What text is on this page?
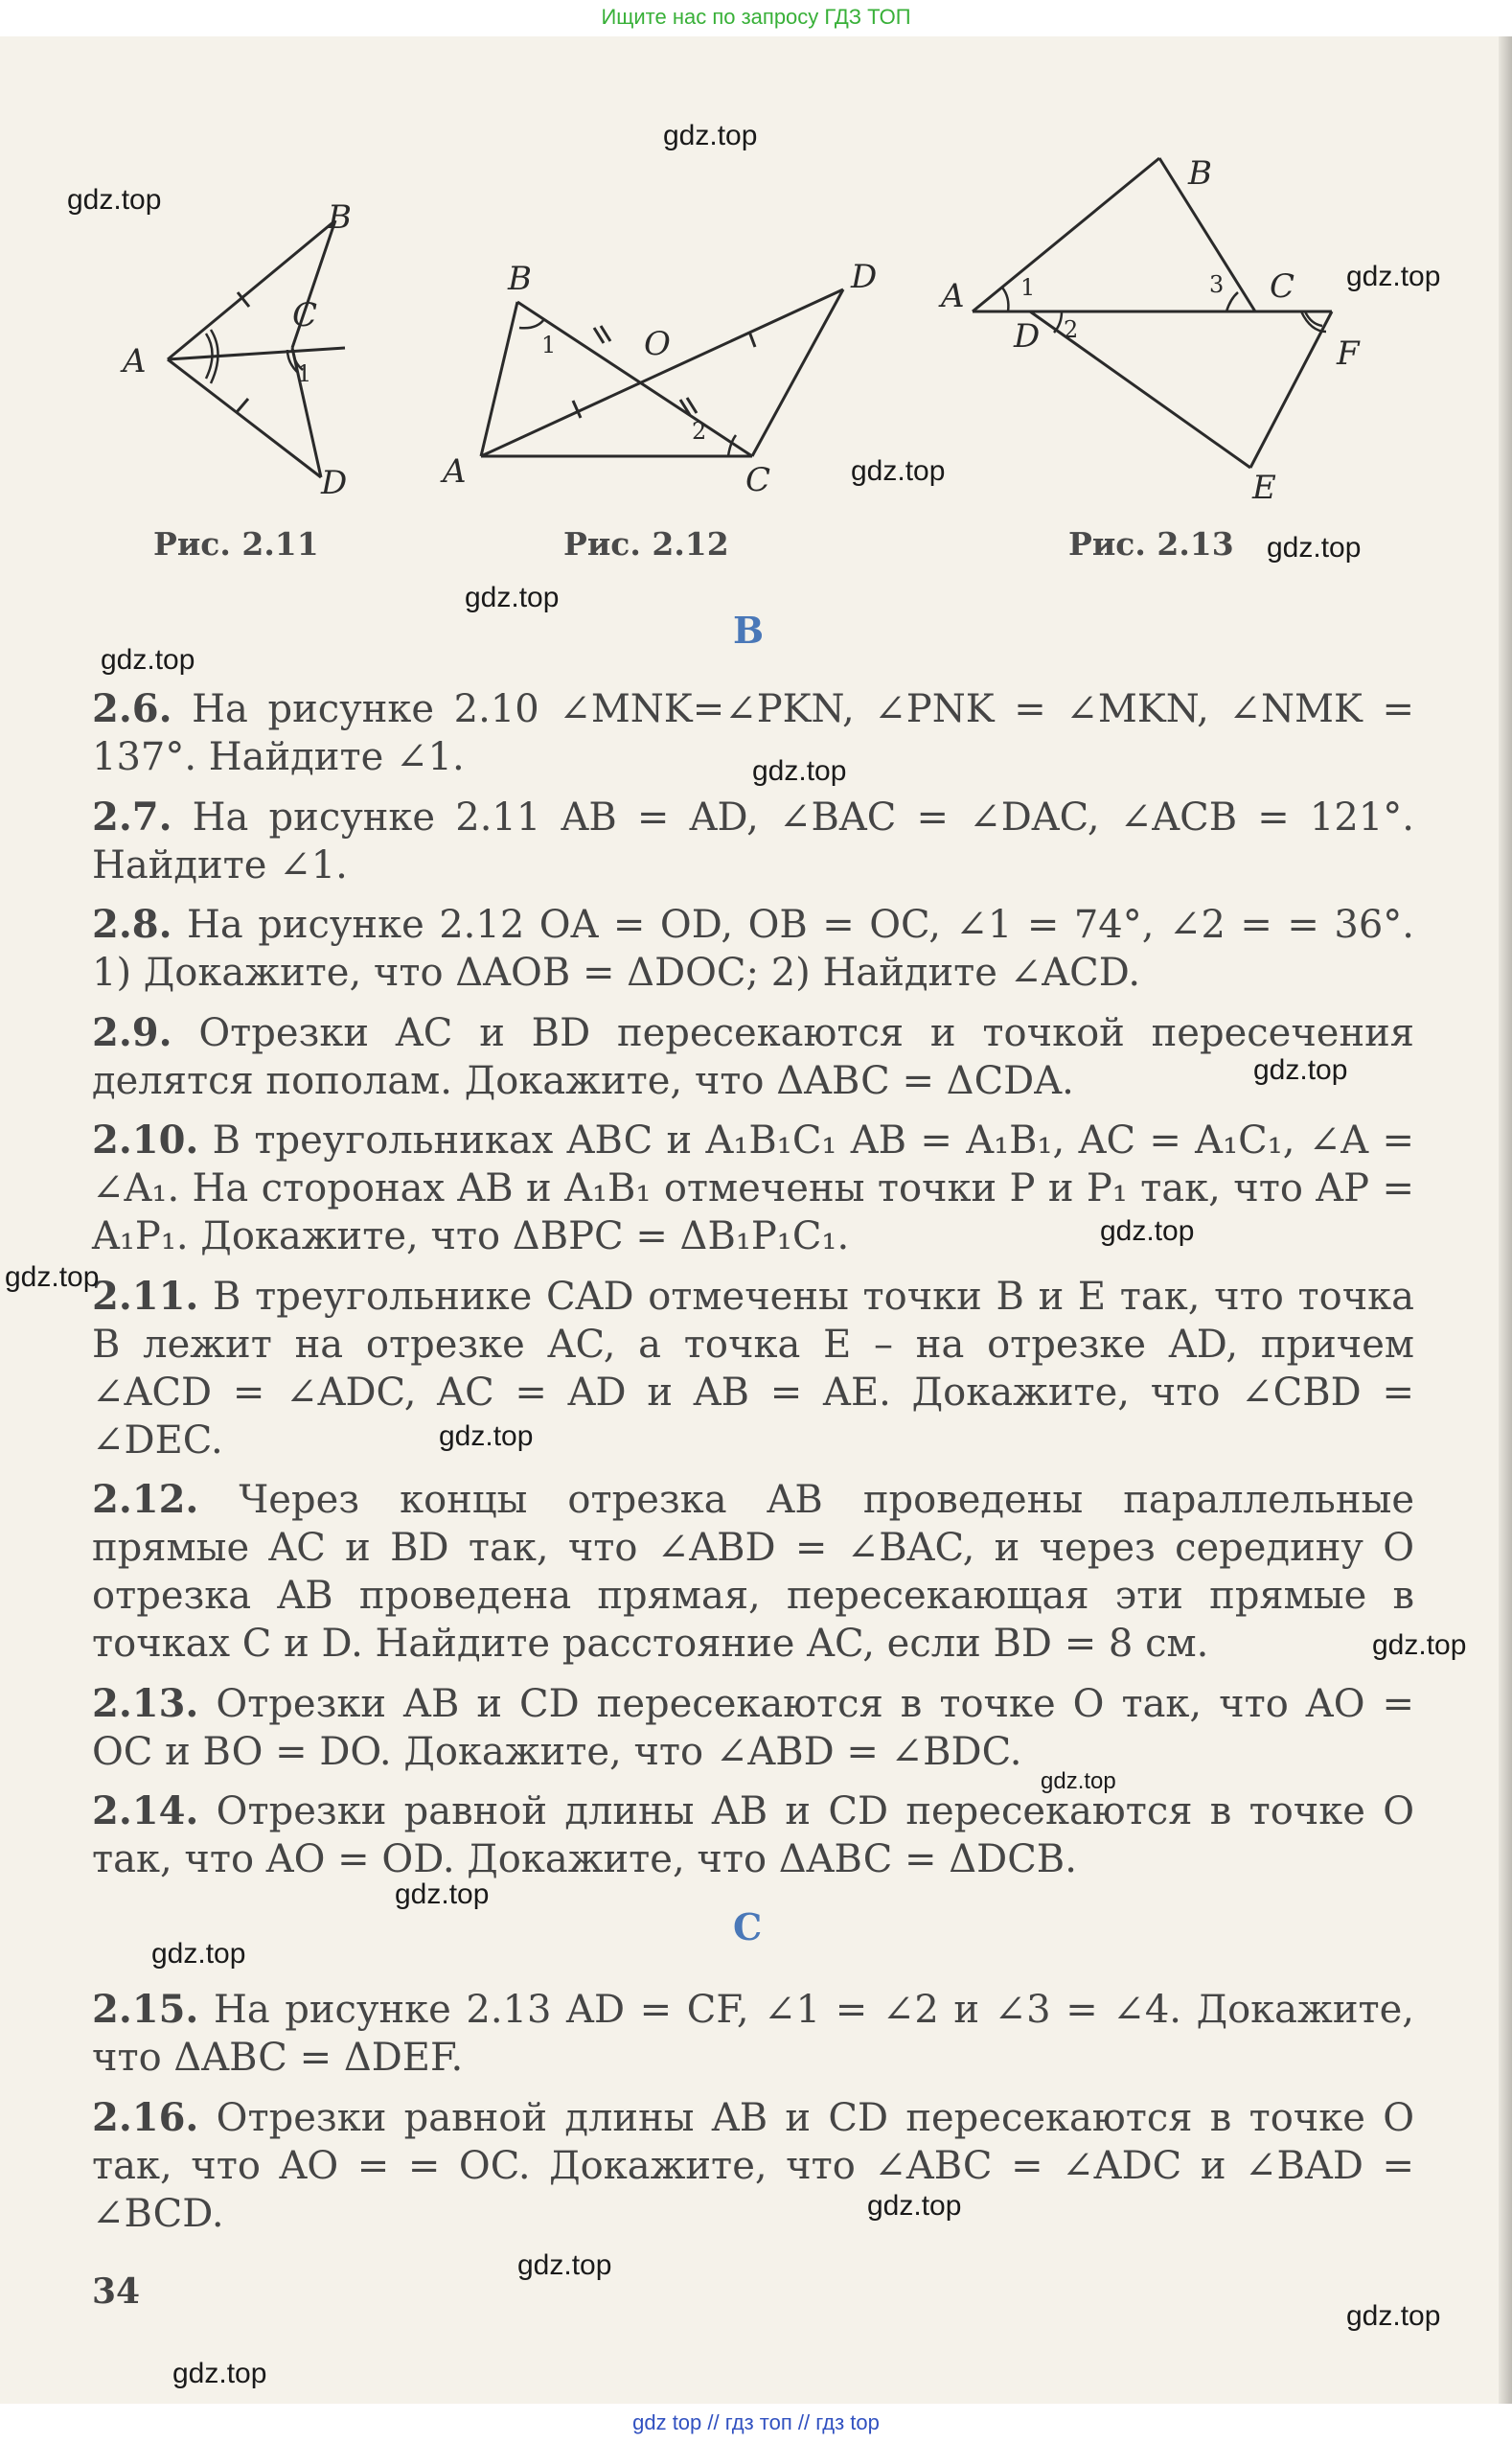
Ищите нас по запросу ГДЗ ТОП
A
B
C
D
1
Рис. 2.11
A
B
C
D
O
1
2
Рис. 2.12
A
B
C
D
E
F
1
2
3
Рис. 2.13
B
2.6. На рисунке 2.10 ∠MNK=∠PKN, ∠PNK = ∠MKN, ∠NMK = 137°. Найдите ∠1.
2.7. На рисунке 2.11 AB = AD, ∠BAC = ∠DAC, ∠ACB = 121°. Найдите ∠1.
2.8. На рисунке 2.12 OA = OD, OB = OC, ∠1 = 74°, ∠2 = = 36°. 1) Докажите, что ΔAOB = ΔDOC; 2) Найдите ∠ACD.
2.9. Отрезки AC и BD пересекаются и точкой пересечения делятся пополам. Докажите, что ΔABC = ΔCDA.
2.10. В треугольниках ABC и A₁B₁C₁ AB = A₁B₁, AC = A₁C₁, ∠A = ∠A₁. На сторонах AB и A₁B₁ отмечены точки P и P₁ так, что AP = A₁P₁. Докажите, что ΔBPC = ΔB₁P₁C₁.
2.11. В треугольнике CAD отмечены точки B и E так, что точка B лежит на отрезке AC, а точка E – на отрезке AD, причем ∠ACD = ∠ADC, AC = AD и AB = AE. Докажите, что ∠CBD = ∠DEC.
2.12. Через концы отрезка AB проведены параллельные прямые AC и BD так, что ∠ABD = ∠BAC, и через середину O отрезка AB проведена прямая, пересекающая эти прямые в точках C и D. Найдите расстояние AC, если BD = 8 см.
2.13. Отрезки AB и CD пересекаются в точке O так, что AO = OC и BO = DO. Докажите, что ∠ABD = ∠BDC.
2.14. Отрезки равной длины AB и CD пересекаются в точке O так, что AO = OD. Докажите, что ΔABC = ΔDCB.
C
2.15. На рисунке 2.13 AD = CF, ∠1 = ∠2 и ∠3 = ∠4. Докажите, что ΔABC = ΔDEF.
2.16. Отрезки равной длины AB и CD пересекаются в точке O так, что AO = = OC. Докажите, что ∠ABC = ∠ADC и ∠BAD = ∠BCD.
34
gdz.top
gdz.top
gdz.top
gdz.top
gdz.top
gdz.top
gdz.top
gdz.top
gdz.top
gdz.top
gdz.top
gdz.top
gdz.top
gdz.top
gdz.top
gdz.top
gdz.top
gdz.top
gdz.top
gdz.top
gdz top // гдз топ // гдз top
